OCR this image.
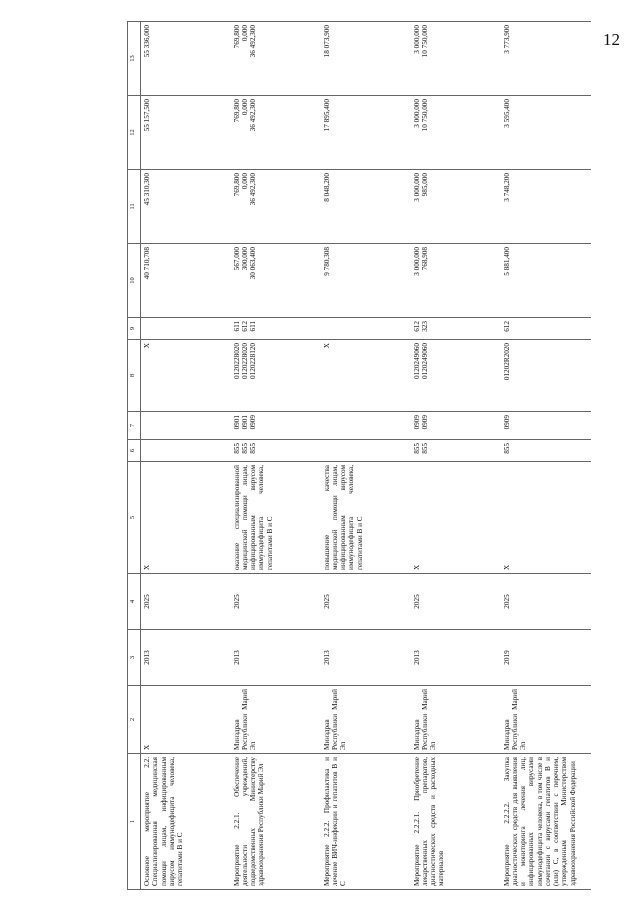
12
1	2	3	4	5	6	7	8	9	10	11	12	13
Основное мероприятие 2.2. Специализированная медицинская помощи лицам, инфицированным вирусом иммунодефицита человека, гепатитами B и C	X	2013	2025	X			X		40 710,708	45 310,300	55 157,500	55 336,000

Мероприятие 2.2.1. Обеспечение деятельности учреждений, подведомственных Министерству здравоохранения Республики Марий Эл	Минздрав Республики Марий Эл	2013	2025	оказание специализированной медицинской помощи лицам, инфицированным вирусом иммунодефицита человека, гепатитами B и C	855 855 855	0901 0901 0909	0120228020 0120228020 0120228120	611 612 611	567,000 300,000 30 063,400	769,800 0,000 36 492,300	769,800 0,000 36 492,300	769,800 0,000 36 492,300

Мероприятие 2.2.2. Профилактика и лечение ВИЧ-инфекции и гепатитов B и C	Минздрав Республики Марий Эл	2013	2025	повышение качества медицинской помощи лицам, инфицированным вирусом иммунодефицита человека, гепатитами B и C			X		9 780,308	8 048,200	17 895,400	18 073,900

Мероприятие 2.2.2.1. Приобретение лекарственных препаратов, диагностических средств и расходных материалов	Минздрав Республики Марий Эл	2013	2025	X	855 855	0909 0909	0120249060 0120249060	612 323	3 000,000 768,908	3 000,000 985,000	3 000,000 10 750,000	3 000,000 10 750,000

Мероприятие 2.2.2.2. Закупка диагностических средств для выявления и мониторинга лечения лиц, инфицированных вирусами иммунодефицита человека, в том числе в сочетании с вирусами гепатитов B и (или) C, в соответствии с перечнем, утвержденным Министерством здравоохранения Российской Федерации	Минздрав Республики Марий Эл	2019	2025	X	855	0909	01202R2020	612	5 881,400	3 748,200	3 595,400	3 773,900
